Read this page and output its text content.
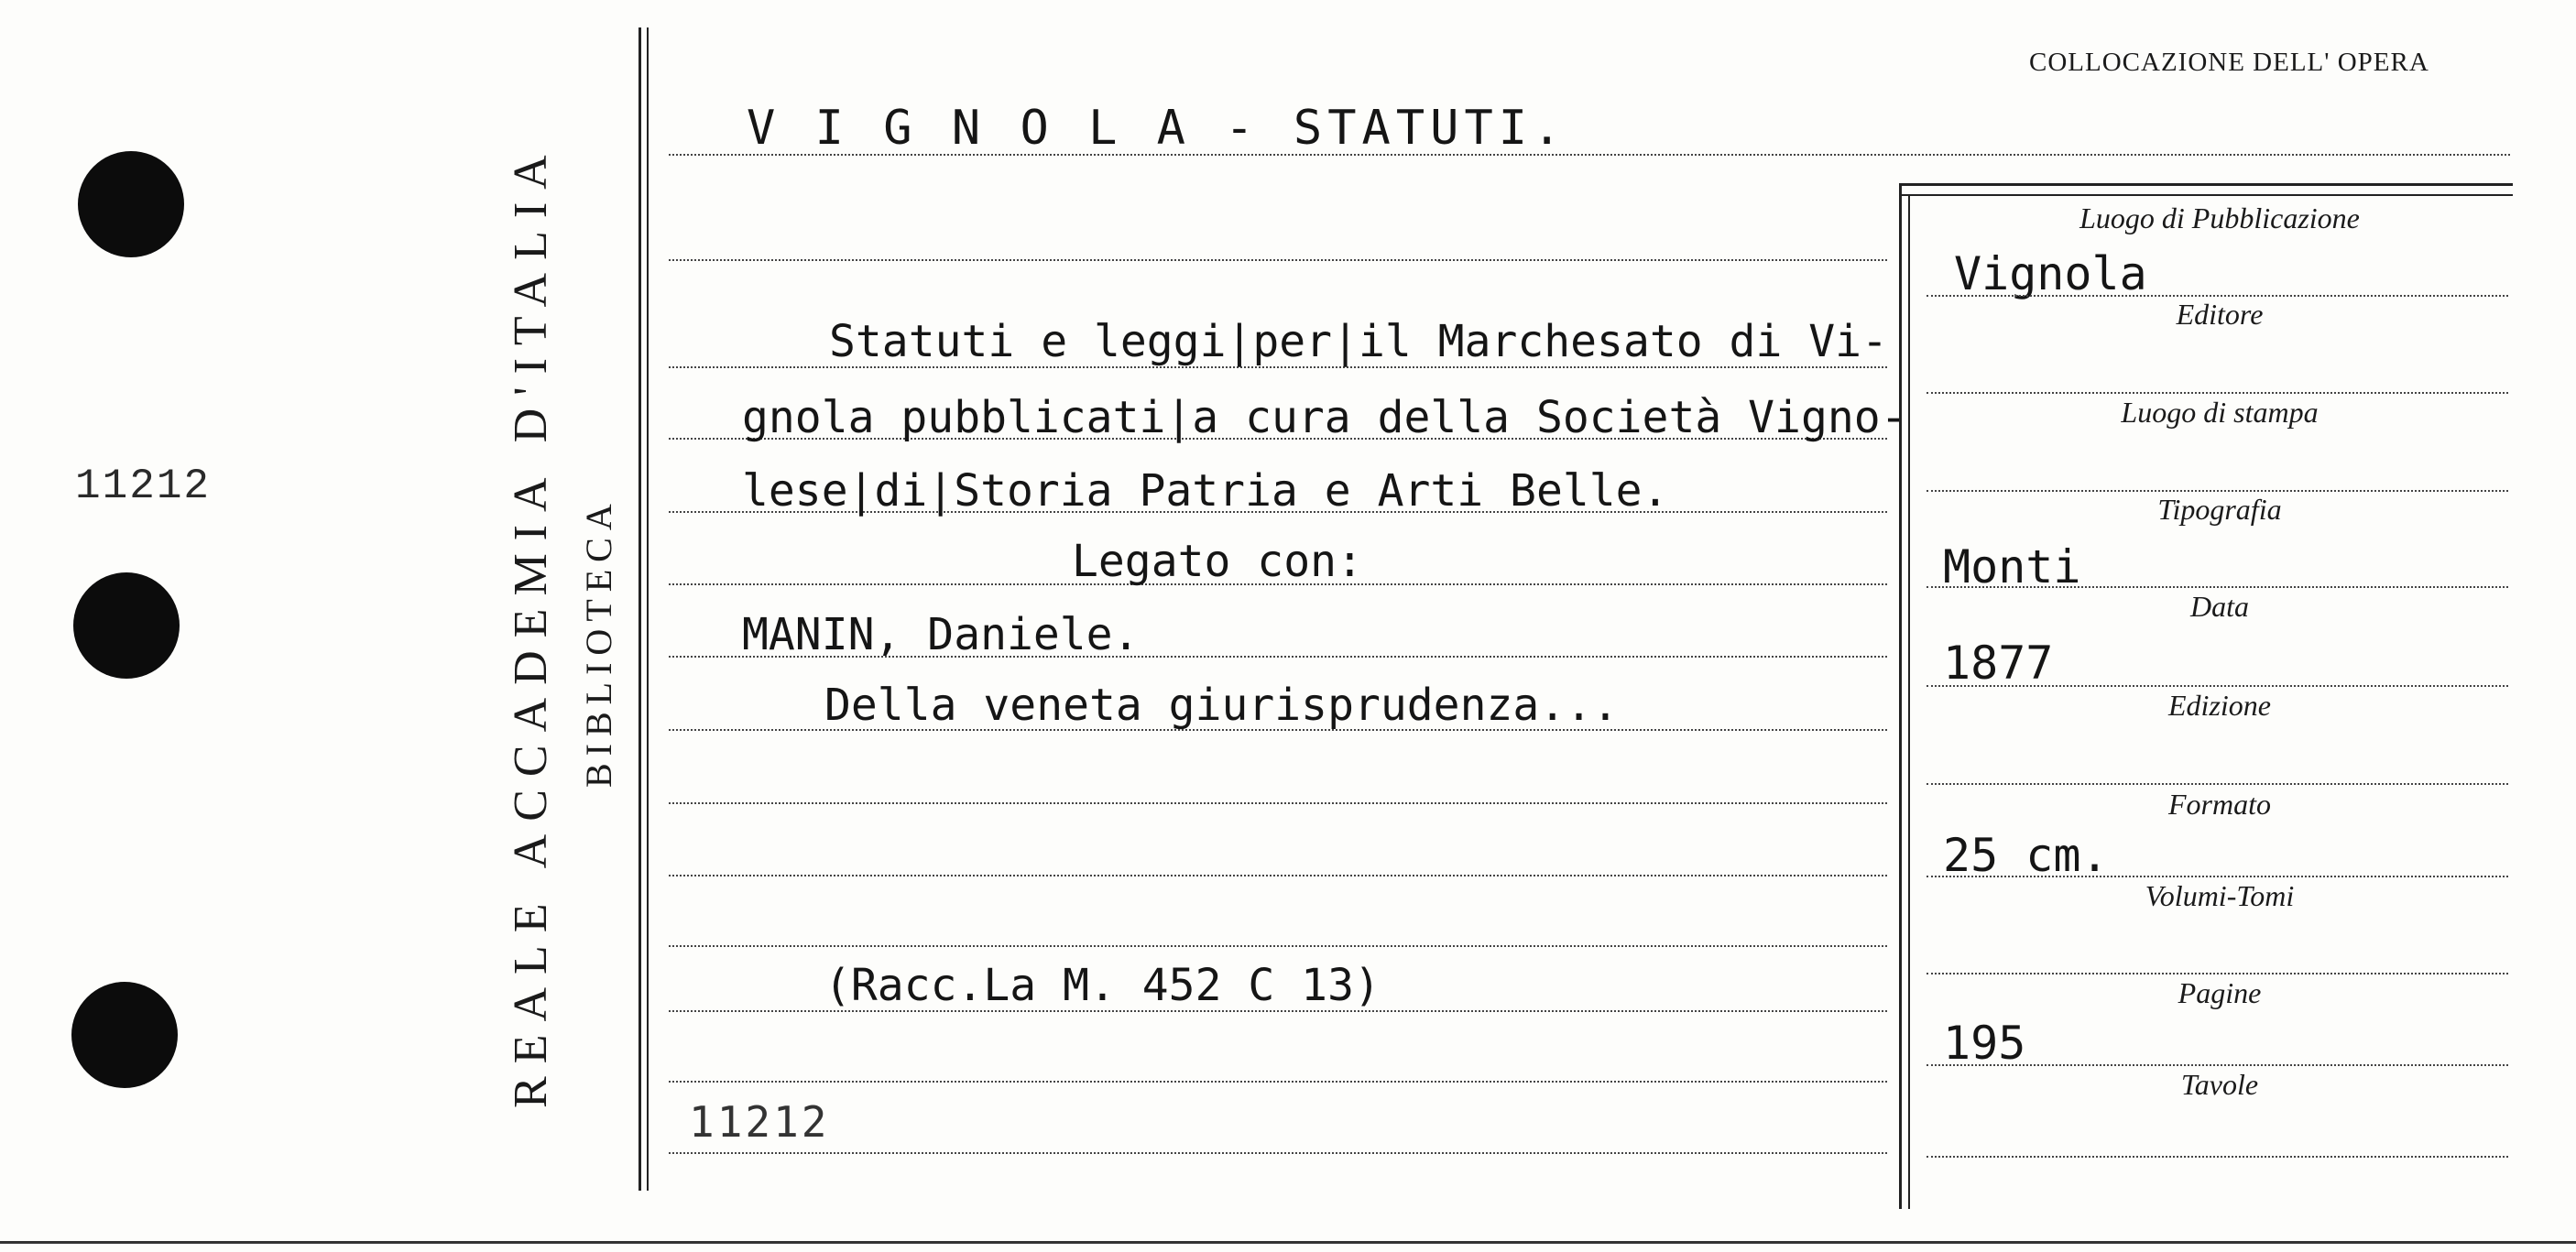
11212	REALE ACCADEMIA D'ITALIA BIBLIOTECA
COLLOCAZIONE DELL' OPERA
V I G N O L A - STATUTI.
Statuti e leggi|per|il Marchesato di Vi-
gnola pubblicati|a cura della Società Vigno-
lese|di|Storia Patria e Arti Belle.
Legato con:
MANIN, Daniele.
Della veneta giurisprudenza...
(Racc.La M. 452 C 13)
11212
Luogo di Pubblicazione
Vignola
Editore
Luogo di stampa
Tipografia
Monti
Data
1877
Edizione
Formato
25 cm.
Volumi-Tomi
Pagine
195
Tavole
